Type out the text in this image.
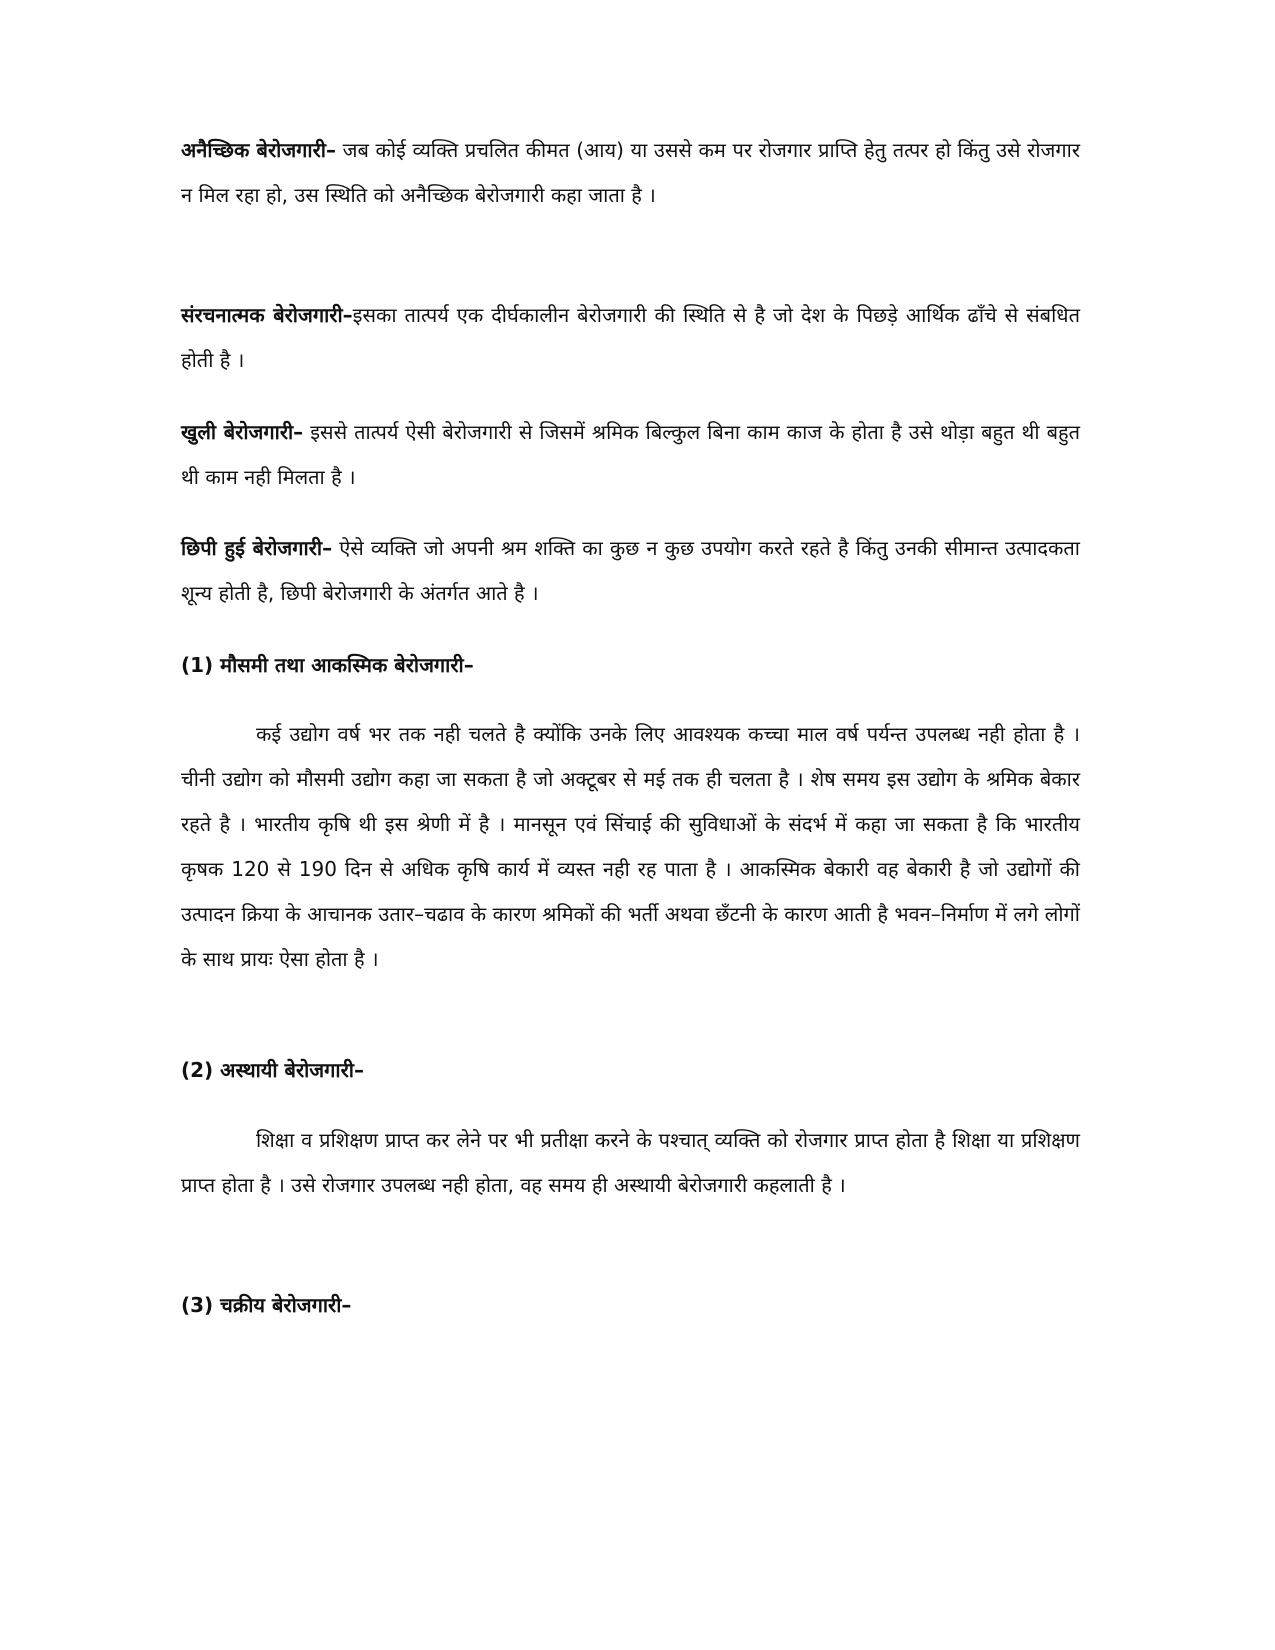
अनैच्छिक बेरोजगारी– जब कोई व्यक्ति प्रचलित कीमत (आय) या उससे कम पर रोजगार प्राप्ति हेतु तत्पर हो किंतु उसे रोजगार न मिल रहा हो, उस स्थिति को अनैच्छिक बेरोजगारी कहा जाता है ।

संरचनात्मक बेरोजगारी–इसका तात्पर्य एक दीर्घकालीन बेरोजगारी की स्थिति से है जो देश के पिछड़े आर्थिक ढाँचे से संबधित होती है ।

खुली बेरोजगारी– इससे तात्पर्य ऐसी बेरोजगारी से जिसमें श्रमिक बिल्कुल बिना काम काज के होता है उसे थोड़ा बहुत थी बहुत थी काम नही मिलता है ।

छिपी हुई बेरोजगारी– ऐसे व्यक्ति जो अपनी श्रम शक्ति का कुछ न कुछ उपयोग करते रहते है किंतु उनकी सीमान्त उत्पादकता शून्य होती है, छिपी बेरोजगारी के अंतर्गत आते है ।

(1) मौसमी तथा आकस्मिक बेरोजगारी–

कई उद्योग वर्ष भर तक नही चलते है क्योंकि उनके लिए आवश्यक कच्चा माल वर्ष पर्यन्त उपलब्ध नही होता है । चीनी उद्योग को मौसमी उद्योग कहा जा सकता है जो अक्टूबर से मई तक ही चलता है । शेष समय इस उद्योग के श्रमिक बेकार रहते है । भारतीय कृषि थी इस श्रेणी में है । मानसून एवं सिंचाई की सुविधाओं के संदर्भ में कहा जा सकता है कि भारतीय कृषक 120 से 190 दिन से अधिक कृषि कार्य में व्यस्त नही रह पाता है । आकस्मिक बेकारी वह बेकारी है जो उद्योगों की उत्पादन क्रिया के आचानक उतार–चढाव के कारण श्रमिकों की भर्ती अथवा छँटनी के कारण आती है भवन–निर्माण में लगे लोगों के साथ प्रायः ऐसा होता है ।

(2) अस्थायी बेरोजगारी–

शिक्षा व प्रशिक्षण प्राप्त कर लेने पर भी प्रतीक्षा करने के पश्चात् व्यक्ति को रोजगार प्राप्त होता है शिक्षा या प्रशिक्षण प्राप्त होता है । उसे रोजगार उपलब्ध नही होता, वह समय ही अस्थायी बेरोजगारी कहलाती है ।

(3) चक्रीय बेरोजगारी–
